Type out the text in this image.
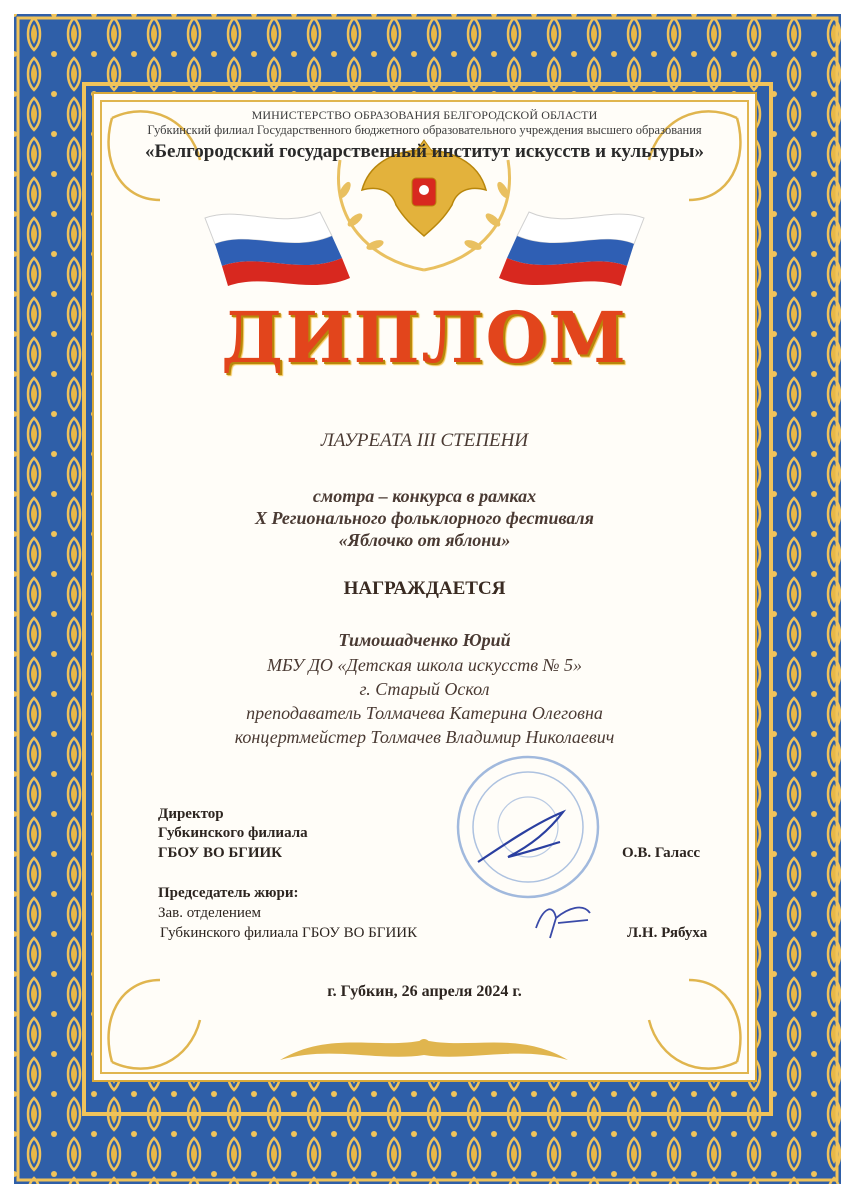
МИНИСТЕРСТВО ОБРАЗОВАНИЯ БЕЛГОРОДСКОЙ ОБЛАСТИ
Губкинский филиал Государственного бюджетного образовательного учреждения высшего образования
«Белгородский государственный институт искусств и культуры»
ДИПЛОМ
ЛАУРЕАТА III СТЕПЕНИ
смотра – конкурса в рамках
X Регионального фольклорного фестиваля
«Яблочко от яблони»
НАГРАЖДАЕТСЯ
Тимошадченко Юрий
МБУ ДО «Детская школа искусств № 5»
г. Старый Оскол
преподаватель Толмачева Катерина Олеговна
концертмейстер Толмачев Владимир Николаевич
Директор
Губкинского филиала
ГБОУ ВО БГИИК	О.В. Галасс
Председатель жюри:
Зав. отделением
Губкинского филиала ГБОУ ВО БГИИК	Л.Н. Рябуха
г. Губкин, 26 апреля 2024 г.
